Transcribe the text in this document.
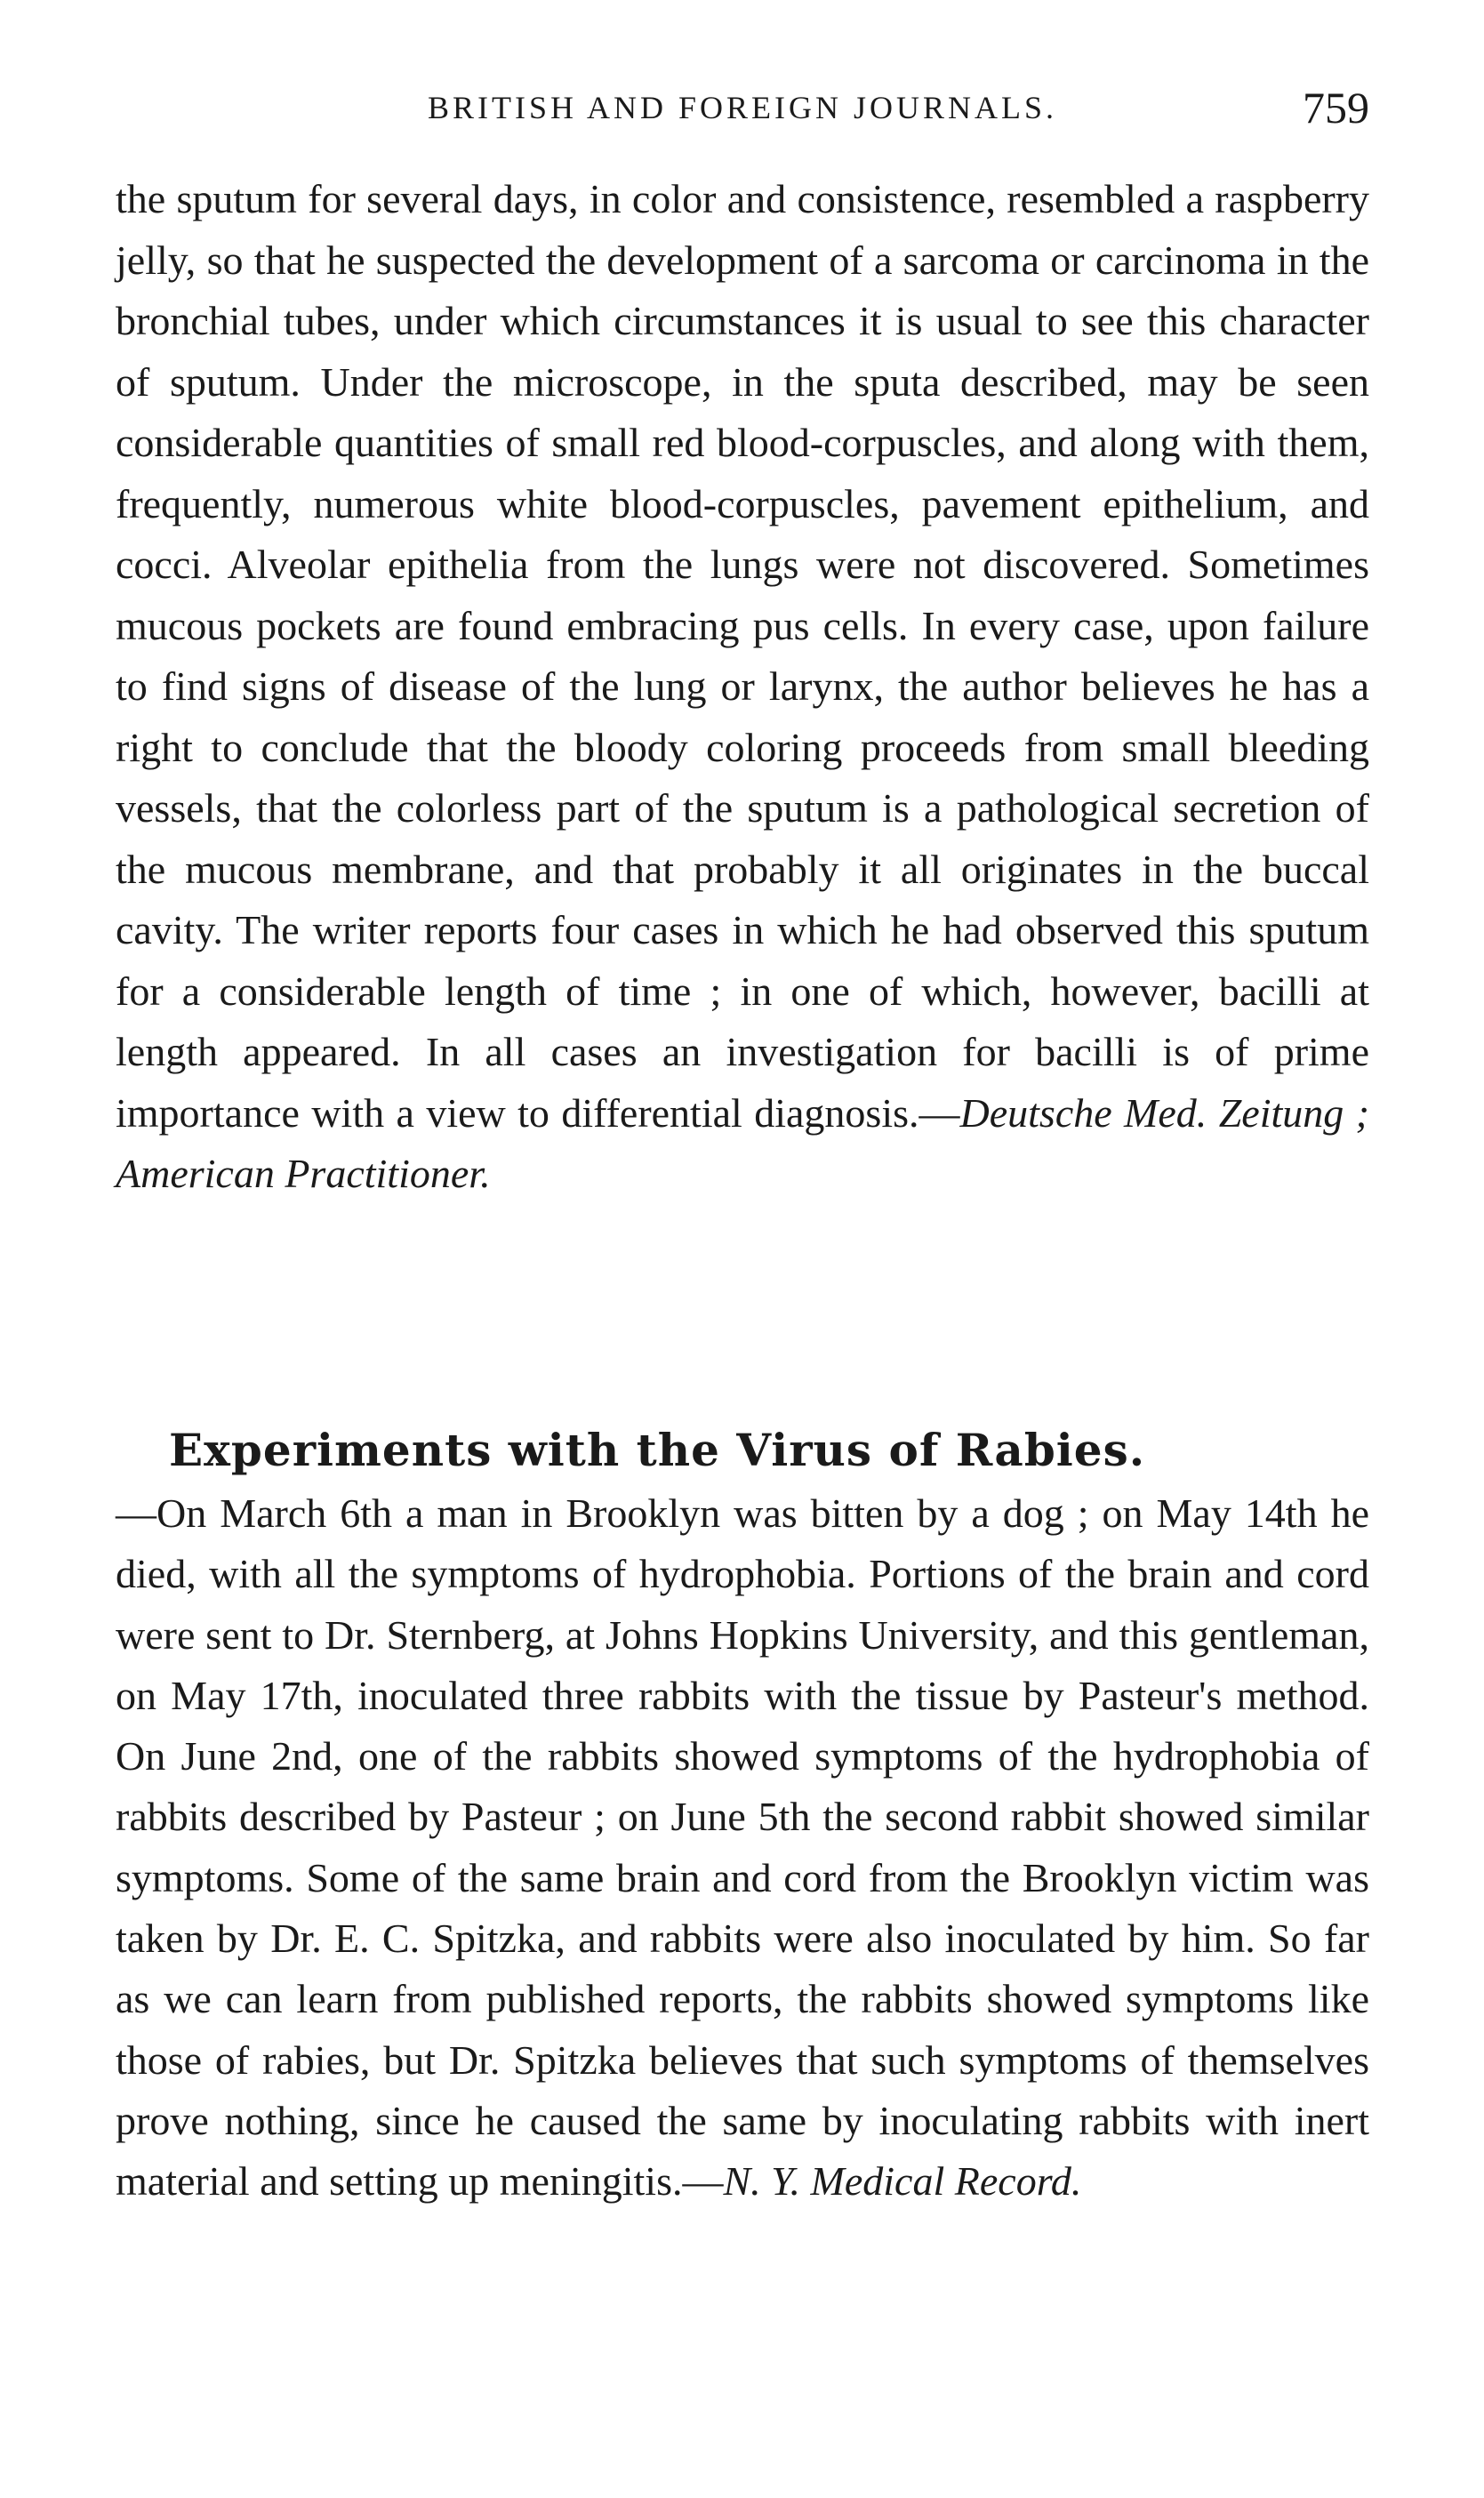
BRITISH AND FOREIGN JOURNALS.	759
the sputum for several days, in color and consistence, resembled a raspberry jelly, so that he suspected the development of a sarcoma or carcinoma in the bronchial tubes, under which circumstances it is usual to see this character of sputum. Under the microscope, in the sputa described, may be seen considerable quantities of small red blood-corpuscles, and along with them, frequently, numerous white blood-corpuscles, pavement epithelium, and cocci. Alveolar epithelia from the lungs were not discovered. Sometimes mucous pockets are found embracing pus cells. In every case, upon failure to find signs of disease of the lung or larynx, the author believes he has a right to conclude that the bloody coloring proceeds from small bleeding vessels, that the colorless part of the sputum is a pathological secretion of the mucous membrane, and that probably it all originates in the buccal cavity. The writer reports four cases in which he had observed this sputum for a considerable length of time ; in one of which, however, bacilli at length appeared. In all cases an investigation for bacilli is of prime importance with a view to differential diagnosis.—Deutsche Med. Zeitung ; American Practitioner.
Experiments with the Virus of Rabies.
—On March 6th a man in Brooklyn was bitten by a dog ; on May 14th he died, with all the symptoms of hydrophobia. Portions of the brain and cord were sent to Dr. Sternberg, at Johns Hopkins University, and this gentleman, on May 17th, inoculated three rabbits with the tissue by Pasteur's method. On June 2nd, one of the rabbits showed symptoms of the hydrophobia of rabbits described by Pasteur ; on June 5th the second rabbit showed similar symptoms. Some of the same brain and cord from the Brooklyn victim was taken by Dr. E. C. Spitzka, and rabbits were also inoculated by him. So far as we can learn from published reports, the rabbits showed symptoms like those of rabies, but Dr. Spitzka believes that such symptoms of themselves prove nothing, since he caused the same by inoculating rabbits with inert material and setting up meningitis.—N. Y. Medical Record.
